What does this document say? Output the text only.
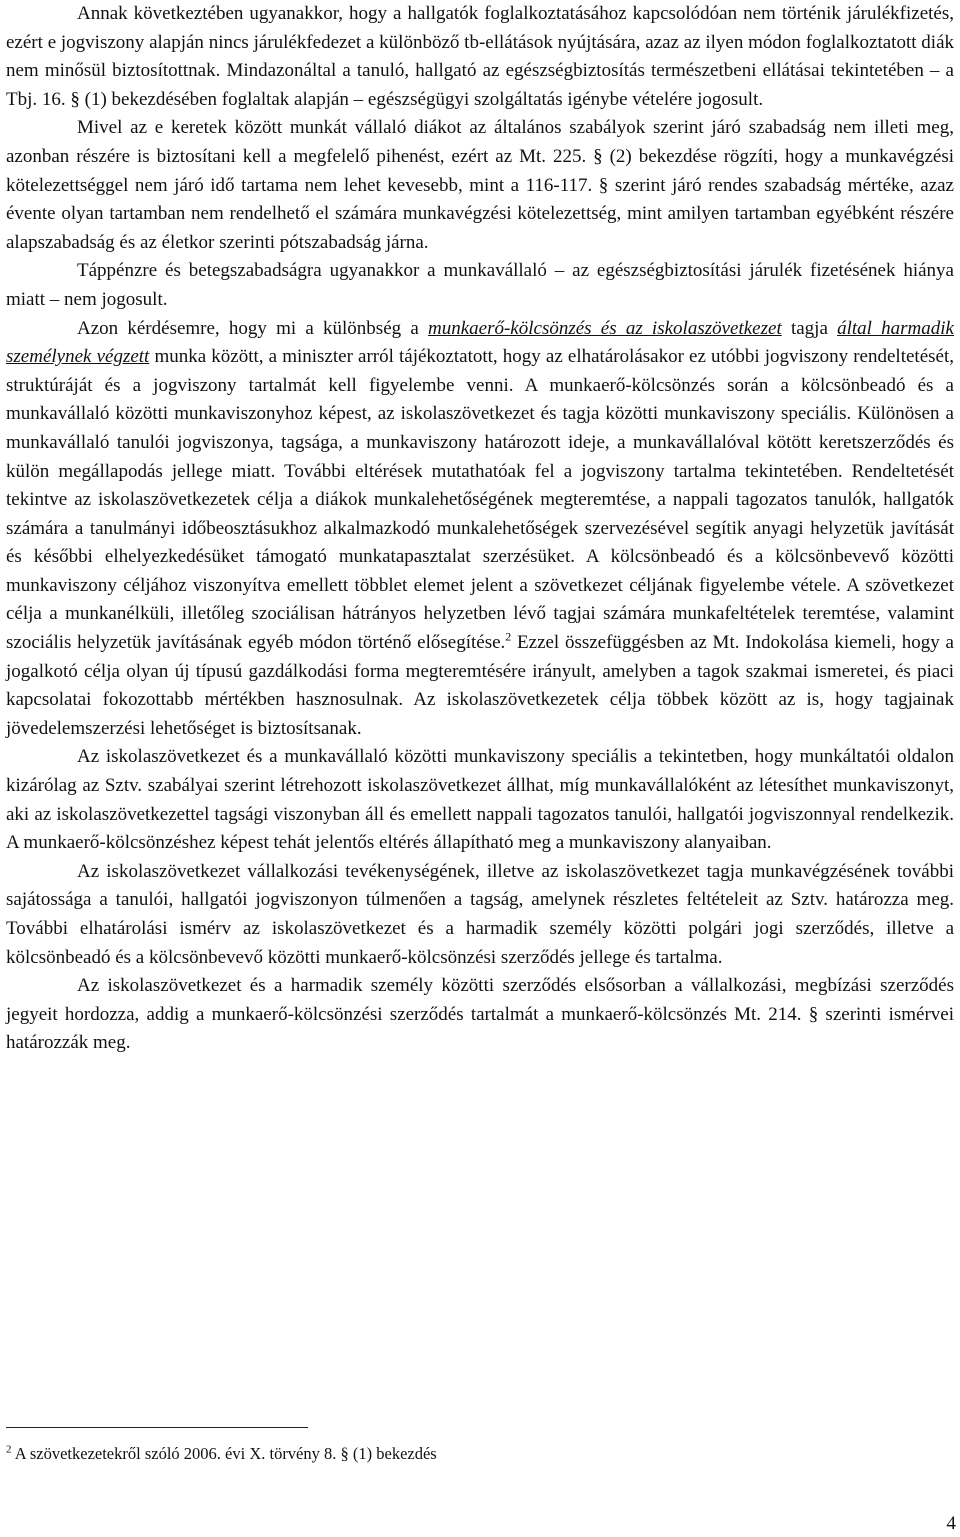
Annak következtében ugyanakkor, hogy a hallgatók foglalkoztatásához kapcsolódóan nem történik járulékfizetés, ezért e jogviszony alapján nincs járulékfedezet a különböző tb-ellátások nyújtására, azaz az ilyen módon foglalkoztatott diák nem minősül biztosítottnak. Mindazonáltal a tanuló, hallgató az egészségbiztosítás természetbeni ellátásai tekintetében – a Tbj. 16. § (1) bekezdésében foglaltak alapján – egészségügyi szolgáltatás igénybe vételére jogosult.

Mivel az e keretek között munkát vállaló diákot az általános szabályok szerint járó szabadság nem illeti meg, azonban részére is biztosítani kell a megfelelő pihenést, ezért az Mt. 225. § (2) bekezdése rögzíti, hogy a munkavégzési kötelezettséggel nem járó idő tartama nem lehet kevesebb, mint a 116-117. § szerint járó rendes szabadság mértéke, azaz évente olyan tartamban nem rendelhető el számára munkavégzési kötelezettség, mint amilyen tartamban egyébként részére alapszabadság és az életkor szerinti pótszabadság járna.

Táppénzre és betegszabadságra ugyanakkor a munkavállaló – az egészségbiztosítási járulék fizetésének hiánya miatt – nem jogosult.

Azon kérdésemre, hogy mi a különbség a munkaerő-kölcsönzés és az iskolaszövetkezet tagja által harmadik személynek végzett munka között, a miniszter arról tájékoztatott, hogy az elhatárolásakor ez utóbbi jogviszony rendeltetését, struktúráját és a jogviszony tartalmát kell figyelembe venni. A munkaerő-kölcsönzés során a kölcsönbeadó és a munkavállaló közötti munkaviszonyhoz képest, az iskolaszövetkezet és tagja közötti munkaviszony speciális. Különösen a munkavállaló tanulói jogviszonya, tagsága, a munkaviszony határozott ideje, a munkavállalóval kötött keretszerződés és külön megállapodás jellege miatt. További eltérések mutathatóak fel a jogviszony tartalma tekintetében. Rendeltetését tekintve az iskolaszövetkezetek célja a diákok munkalehetőségének megteremtése, a nappali tagozatos tanulók, hallgatók számára a tanulmányi időbeosztásukhoz alkalmazkodó munkalehetőségek szervezésével segítik anyagi helyzetük javítását és későbbi elhelyezkedésüket támogató munkatapasztalat szerzésüket. A kölcsönbeadó és a kölcsönbevevő közötti munkaviszony céljához viszonyítva emellett többlet elemet jelent a szövetkezet céljának figyelembe vétele. A szövetkezet célja a munkanélküli, illetőleg szociálisan hátrányos helyzetben lévő tagjai számára munkafeltételek teremtése, valamint szociális helyzetük javításának egyéb módon történő elősegítése.$^2$ Ezzel összefüggésben az Mt. Indokolása kiemeli, hogy a jogalkotó célja olyan új típusú gazdálkodási forma megteremtésére irányult, amelyben a tagok szakmai ismeretei, és piaci kapcsolatai fokozottabb mértékben hasznosulnak. Az iskolaszövetkezetek célja többek között az is, hogy tagjainak jövedelemszerzési lehetőséget is biztosítsanak.

Az iskolaszövetkezet és a munkavállaló közötti munkaviszony speciális a tekintetben, hogy munkáltatói oldalon kizárólag az Sztv. szabályai szerint létrehozott iskolaszövetkezet állhat, míg munkavállalóként az létesíthet munkaviszonyt, aki az iskolaszövetkezettel tagsági viszonyban áll és emellett nappali tagozatos tanulói, hallgatói jogviszonnyal rendelkezik. A munkaerő-kölcsönzéshez képest tehát jelentős eltérés állapítható meg a munkaviszony alanyaiban.

Az iskolaszövetkezet vállalkozási tevékenységének, illetve az iskolaszövetkezet tagja munkavégzésének további sajátossága a tanulói, hallgatói jogviszonyon túlmenően a tagság, amelynek részletes feltételeit az Sztv. határozza meg. További elhatárolási ismérv az iskolaszövetkezet és a harmadik személy közötti polgári jogi szerződés, illetve a kölcsönbeadó és a kölcsönbevevő közötti munkaerő-kölcsönzési szerződés jellege és tartalma.

Az iskolaszövetkezet és a harmadik személy közötti szerződés elsősorban a vállalkozási, megbízási szerződés jegyeit hordozza, addig a munkaerő-kölcsönzési szerződés tartalmát a munkaerő-kölcsönzés Mt. 214. § szerinti ismérvei határozzák meg.

$^2$ A szövetkezetekről szóló 2006. évi X. törvény 8. § (1) bekezdés
4
